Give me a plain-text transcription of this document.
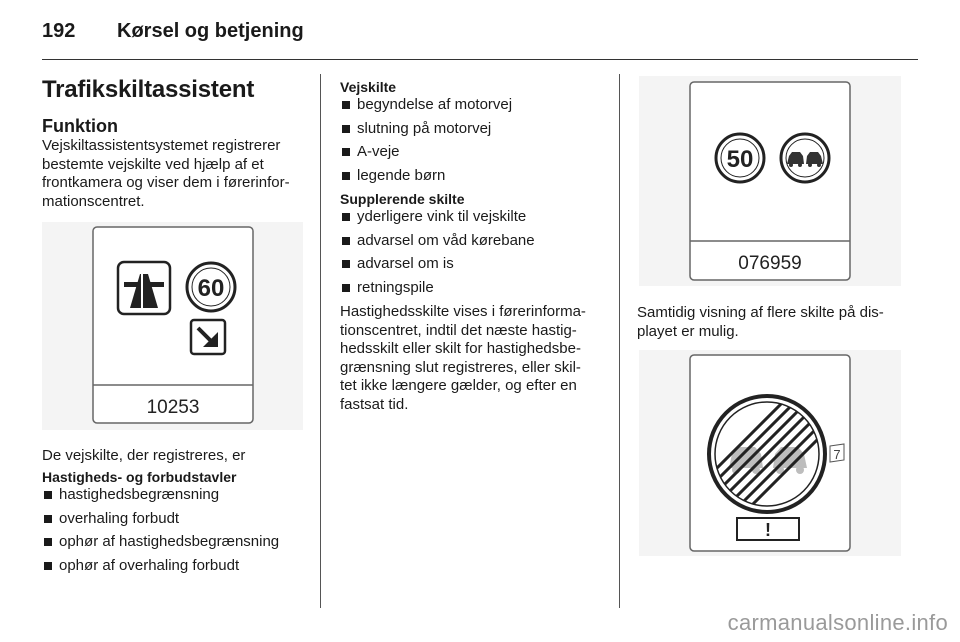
192 Kørsel og betjening
Trafikskiltassistent
Funktion
Vejskiltassistentsystemet registrerer
bestemte vejskilte ved hjælp af et
frontkamera og viser dem i førerinfor-
mationscentret.
60
10253
De vejskilte, der registreres, er
Hastigheds- og forbudstavler
hastighedsbegrænsning
overhaling forbudt
ophør af hastighedsbegrænsning
ophør af overhaling forbudt
Vejskilte
begyndelse af motorvej
slutning på motorvej
A-veje
legende børn
Supplerende skilte
yderligere vink til vejskilte
advarsel om våd kørebane
advarsel om is
retningspile
Hastighedsskilte vises i førerinforma-
tionscentret, indtil det næste hastig-
hedsskilt eller skilt for hastighedsbe-
grænsning slut registreres, eller skil-
tet ikke længere gælder, og efter en
fastsat tid.
50
076959
Samtidig visning af flere skilte på dis-
playet er mulig.
!
7
carmanualsonline.info
